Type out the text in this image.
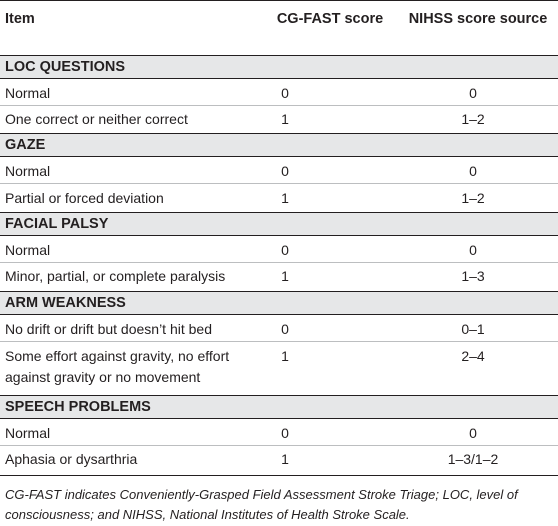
Item	CG-FAST score	NIHSS score source
LOC QUESTIONS
Normal	0	0
One correct or neither correct	1	1–2
GAZE
Normal	0	0
Partial or forced deviation	1	1–2
FACIAL PALSY
Normal	0	0
Minor, partial, or complete paralysis	1	1–3
ARM WEAKNESS
No drift or drift but doesn’t hit bed	0	0–1
Some effort against gravity, no effort	1	2–4
against gravity or no movement
SPEECH PROBLEMS
Normal	0	0
Aphasia or dysarthria	1	1–3/1–2
CG-FAST indicates Conveniently-Grasped Field Assessment Stroke Triage; LOC, level of
consciousness; and NIHSS, National Institutes of Health Stroke Scale.
